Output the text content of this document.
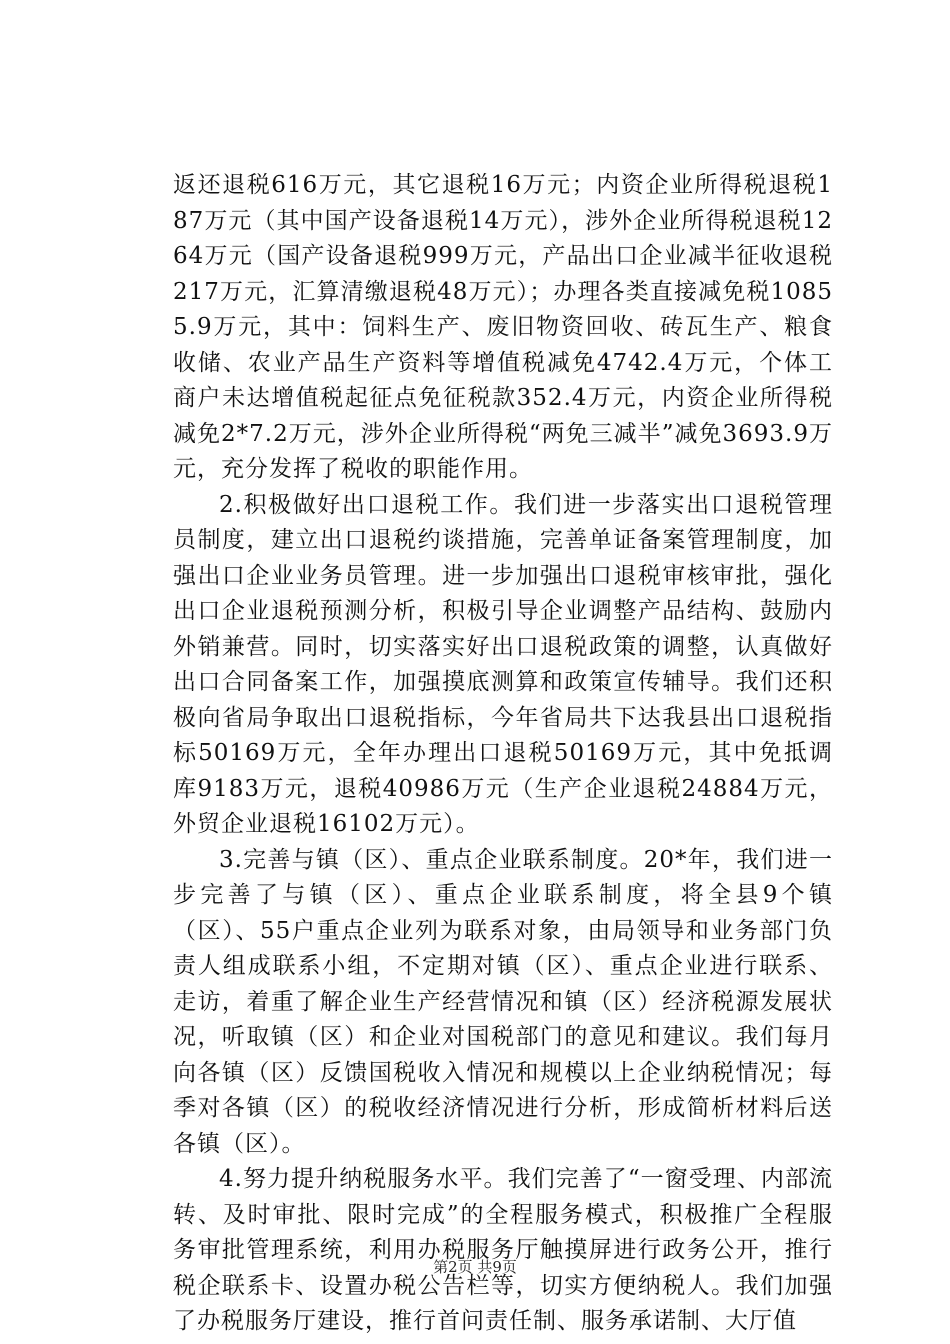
返还退税616万元，其它退税16万元；内资企业所得税退税187万元（其中国产设备退税14万元），涉外企业所得税退税1264万元（国产设备退税999万元，产品出口企业减半征收退税217万元，汇算清缴退税48万元）；办理各类直接减免税10855.9万元，其中：饲料生产、废旧物资回收、砖瓦生产、粮食收储、农业产品生产资料等增值税减免4742.4万元，个体工商户未达增值税起征点免征税款352.4万元，内资企业所得税减免2*7.2万元，涉外企业所得税“两免三减半”减免3693.9万元，充分发挥了税收的职能作用。

2.积极做好出口退税工作。我们进一步落实出口退税管理员制度，建立出口退税约谈措施，完善单证备案管理制度，加强出口企业业务员管理。进一步加强出口退税审核审批，强化出口企业退税预测分析，积极引导企业调整产品结构、鼓励内外销兼营。同时，切实落实好出口退税政策的调整，认真做好出口合同备案工作，加强摸底测算和政策宣传辅导。我们还积极向省局争取出口退税指标，今年省局共下达我县出口退税指标50169万元，全年办理出口退税50169万元，其中免抵调库9183万元，退税40986万元（生产企业退税24884万元，外贸企业退税16102万元）。

3.完善与镇（区）、重点企业联系制度。20*年，我们进一步完善了与镇（区）、重点企业联系制度，将全县9个镇（区）、55户重点企业列为联系对象，由局领导和业务部门负责人组成联系小组，不定期对镇（区）、重点企业进行联系、走访，着重了解企业生产经营情况和镇（区）经济税源发展状况，听取镇（区）和企业对国税部门的意见和建议。我们每月向各镇（区）反馈国税收入情况和规模以上企业纳税情况；每季对各镇（区）的税收经济情况进行分析，形成简析材料后送各镇（区）。

4.努力提升纳税服务水平。我们完善了“一窗受理、内部流转、及时审批、限时完成”的全程服务模式，积极推广全程服务审批管理系统，利用办税服务厅触摸屏进行政务公开，推行税企联系卡、设置办税公告栏等，切实方便纳税人。我们加强了办税服务厅建设，推行首问责任制、服务承诺制、大厅值

第2页 共9页
